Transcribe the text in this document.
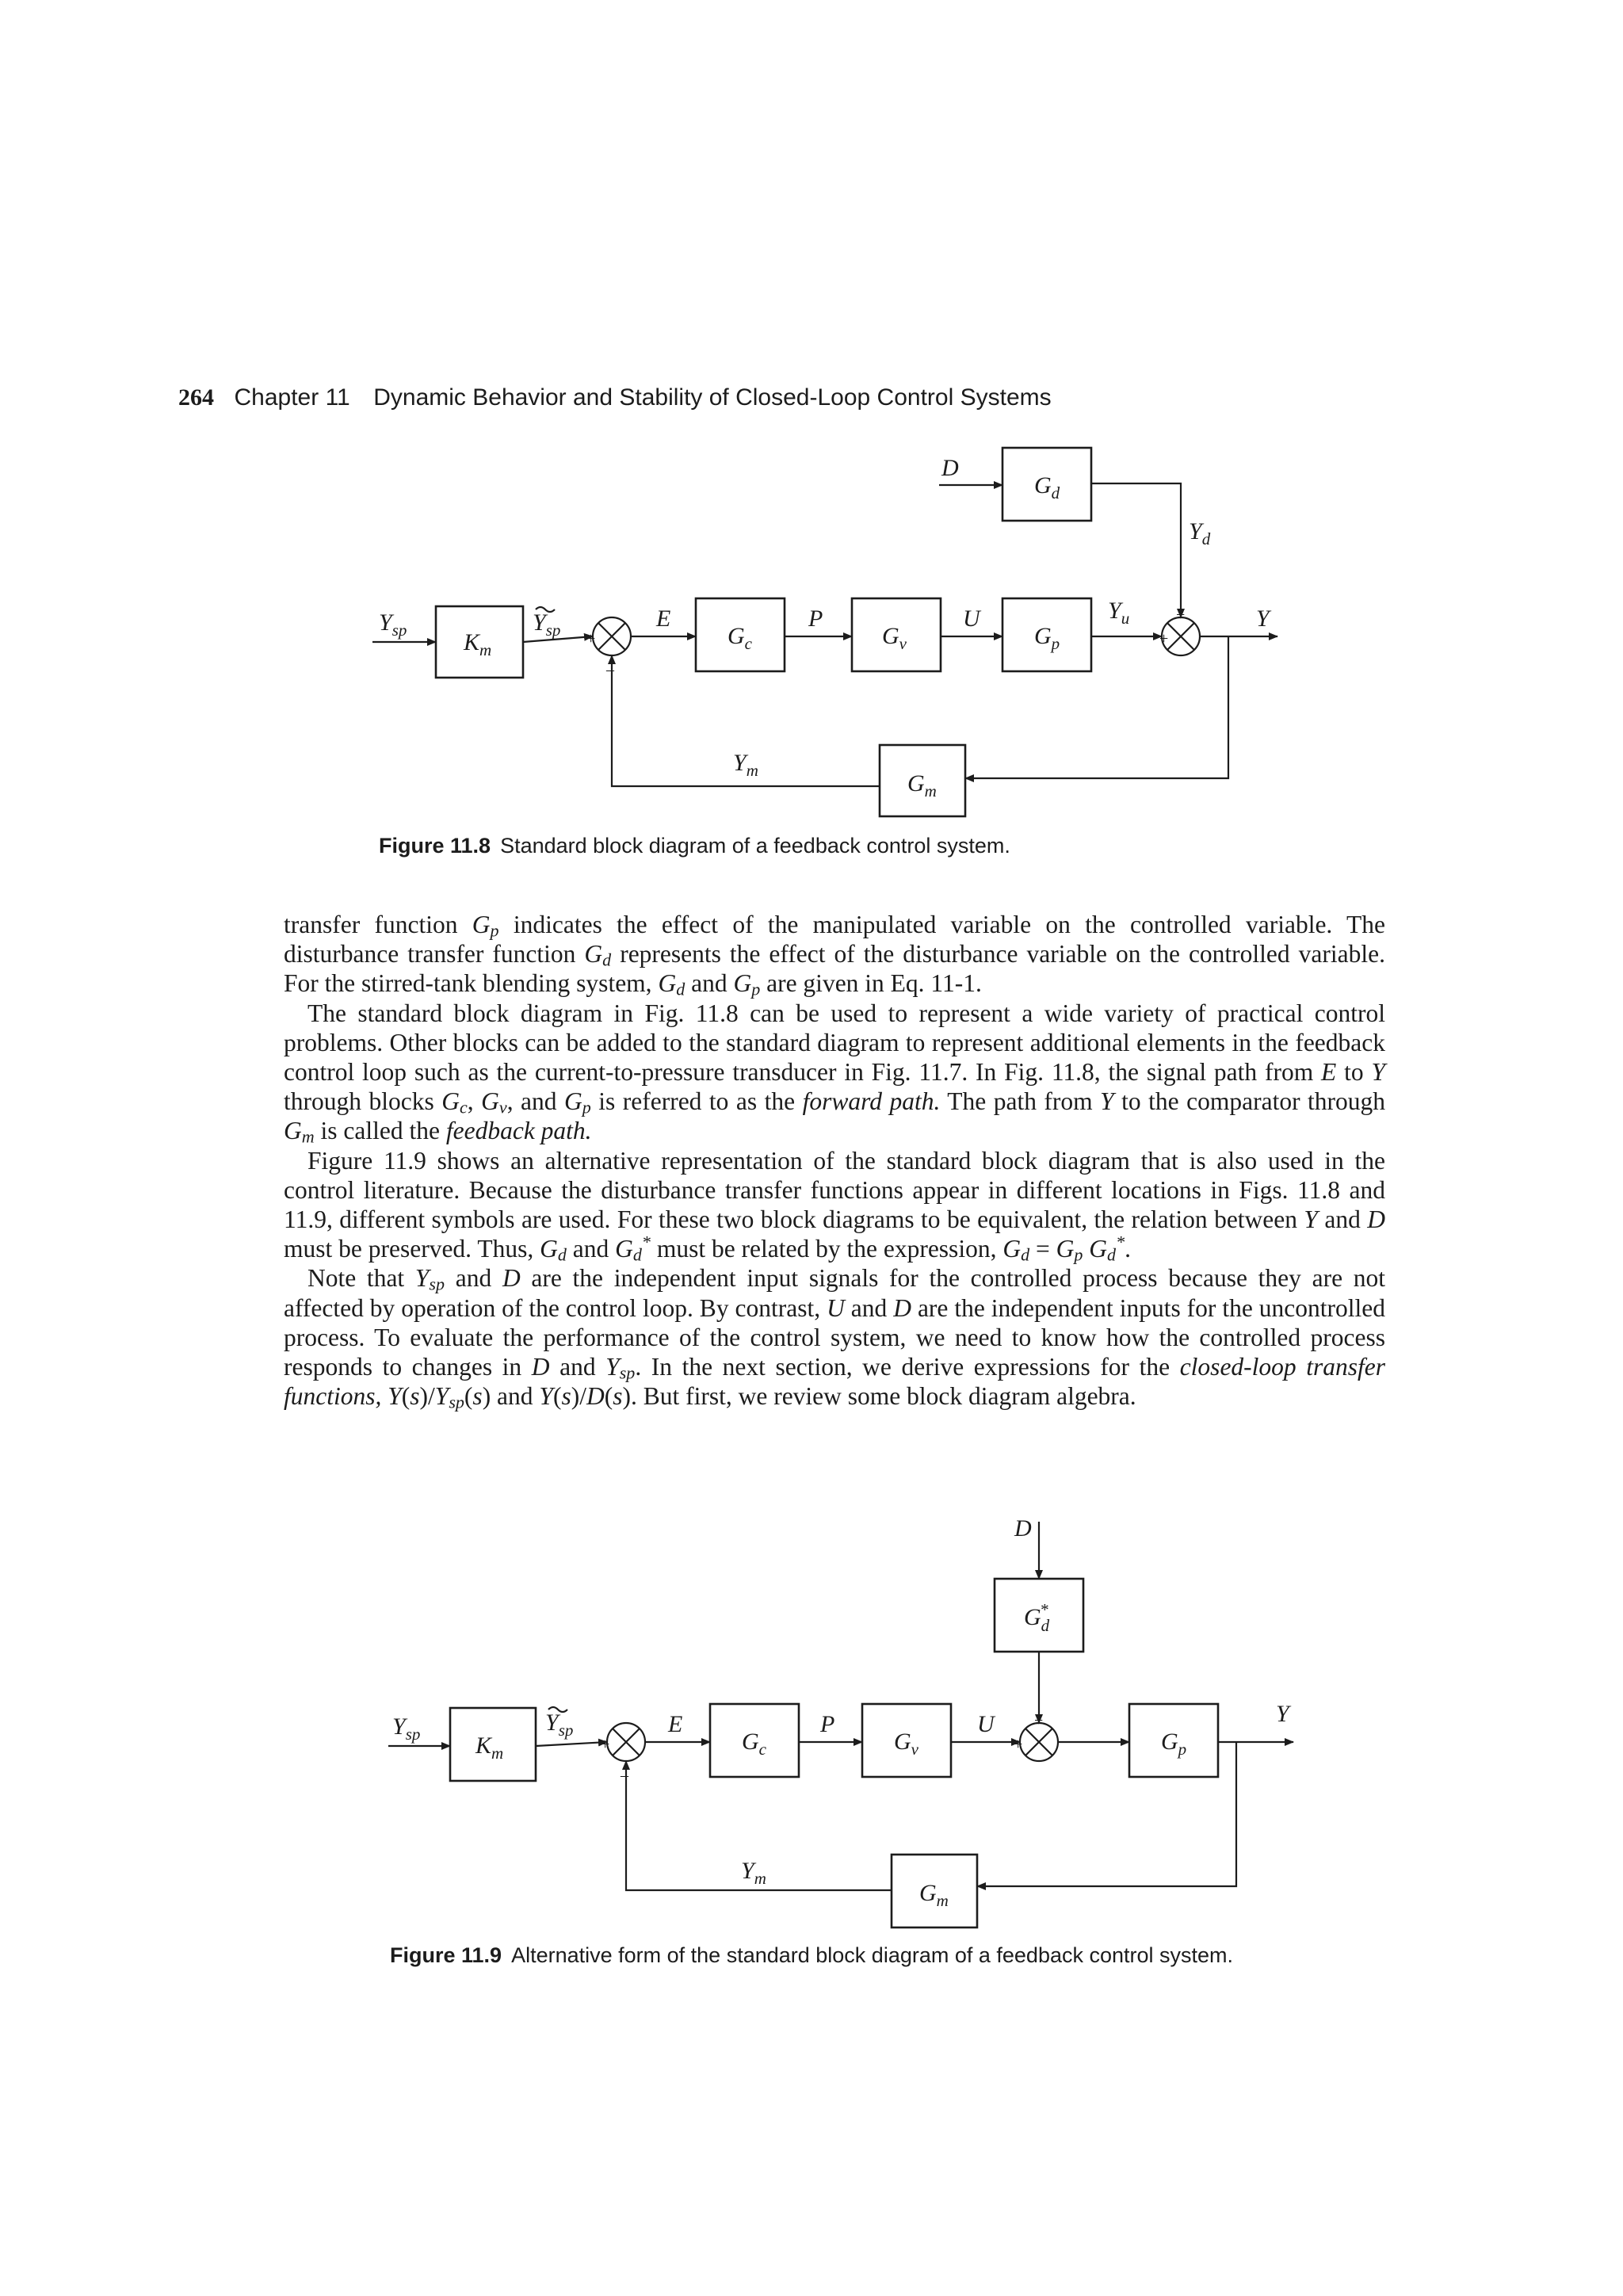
264 Chapter 11 Dynamic Behavior and Stability of Closed-Loop Control Systems
$K_m$
$G_c$	$G_v$	$G_p$
$G_d$
$G_m$
+
–
+
+
$Y_{sp}$	$Y_{sp}$	E	P	U
D
$Y_u$
$Y_d$
Y
$Y_m$
Figure 11.8 Standard block diagram of a feedback control system.

transfer function $G_p$ indicates the effect of the manipulated variable on the controlled variable. The disturbance transfer function $G_d$ represents the effect of the disturbance variable on the controlled variable. For the stirred-tank blending system, $G_d$ and $G_p$ are given in Eq. 11-1.

The standard block diagram in Fig. 11.8 can be used to represent a wide variety of practical control problems. Other blocks can be added to the standard diagram to represent additional elements in the feedback control loop such as the current-to-pressure transducer in Fig. 11.7. In Fig. 11.8, the signal path from E to Y through blocks $G_c$, $G_v$, and $G_p$ is referred to as the forward path. The path from Y to the comparator through $G_m$ is called the feedback path.

Figure 11.9 shows an alternative representation of the standard block diagram that is also used in the control literature. Because the disturbance transfer functions appear in different locations in Figs. 11.8 and 11.9, different symbols are used. For these two block diagrams to be equivalent, the relation between Y and D must be preserved. Thus, $G_d$ and $G_d^*$ must be related by the expression, $G_d = G_p$ $G_d^*$.

Note that $Y_{sp}$ and D are the independent input signals for the controlled process because they are not affected by operation of the control loop. By contrast, U and D are the independent inputs for the uncontrolled process. To evaluate the performance of the control system, we need to know how the controlled process responds to changes in D and $Y_{sp}$. In the next section, we derive expressions for the closed-loop transfer functions, $Y(s)/Y_{sp}(s)$ and Y(s)/D(s). But first, we review some block diagram algebra.

$K_m$	$G_c$	$G_v$
$G_d*$
$G_p$
$G_m$
+
–
+
+
$Y_{sp}$	$Y_{sp}$	E	P	U
D
Y
$Y_m$
Figure 11.9 Alternative form of the standard block diagram of a feedback control system.
